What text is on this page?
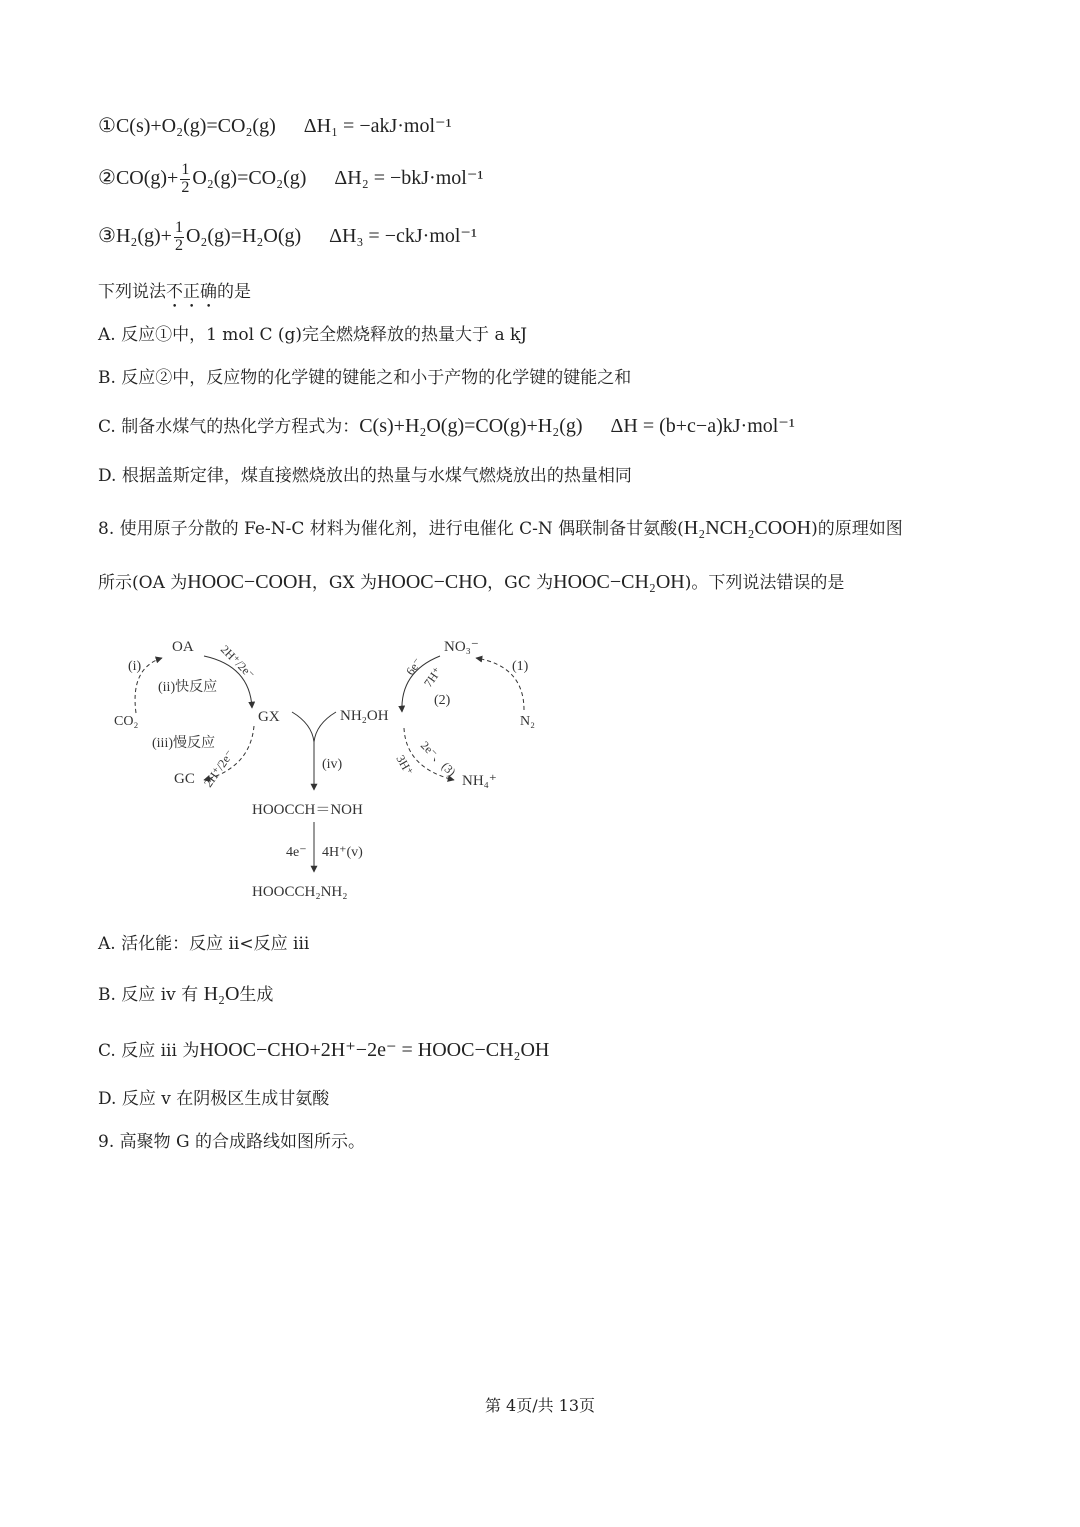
①C(s)+O₂(g)=CO₂(g) ΔH₁ = −akJ·mol⁻¹
②CO(g)+ $\frac{1}{2} O_2(g)=CO_2(g) \Delta H_2 = -bkJ\cdot mol^{-1}$
③H₂(g)+ $\frac{1}{2} O_2(g)=H_2O(g) \Delta H_3 = -ckJ\cdot mol^{-1}$
下列说法不正确的是
A. 反应①中，1 mol C (g)完全燃烧释放的热量大于 a kJ
B. 反应②中，反应物的化学键的键能之和小于产物的化学键的键能之和
C. 制备水煤气的热化学方程式为：C(s)+H₂O(g)=CO(g)+H₂(g) ΔH = (b+c−a)kJ·mol⁻¹
D. 根据盖斯定律，煤直接燃烧放出的热量与水煤气燃烧放出的热量相同
8. 使用原子分散的 Fe-N-C 材料为催化剂，进行电催化 C-N 偶联制备甘氨酸(H₂NCH₂COOH)的原理如图
所示(OA 为HOOC−COOH，GX 为HOOC−CHO，GC 为HOOC−CH₂OH)。下列说法错误的是
OA
(i)
CO₂	GX
GC
(ii)快反应
(iii)慢反应
2H⁺/2e⁻
2H⁺/2e⁻	(iv)
NH₂OH
HOOCCH＝NOH
4e⁻ 4H⁺(v)
HOOCCH₂NH₂
NO₃⁻
(1)
N₂
(2)
6e⁻
7H⁺
2e⁻、(3)
3H⁺
NH₄⁺
A. 活化能：反应 ii<反应 iii
B. 反应 iv 有 H₂O生成
C. 反应 iii 为HOOC−CHO+2H⁺−2e⁻ = HOOC−CH₂OH
D. 反应 v 在阴极区生成甘氨酸
9. 高聚物 G 的合成路线如图所示。
第 4页/共 13页
